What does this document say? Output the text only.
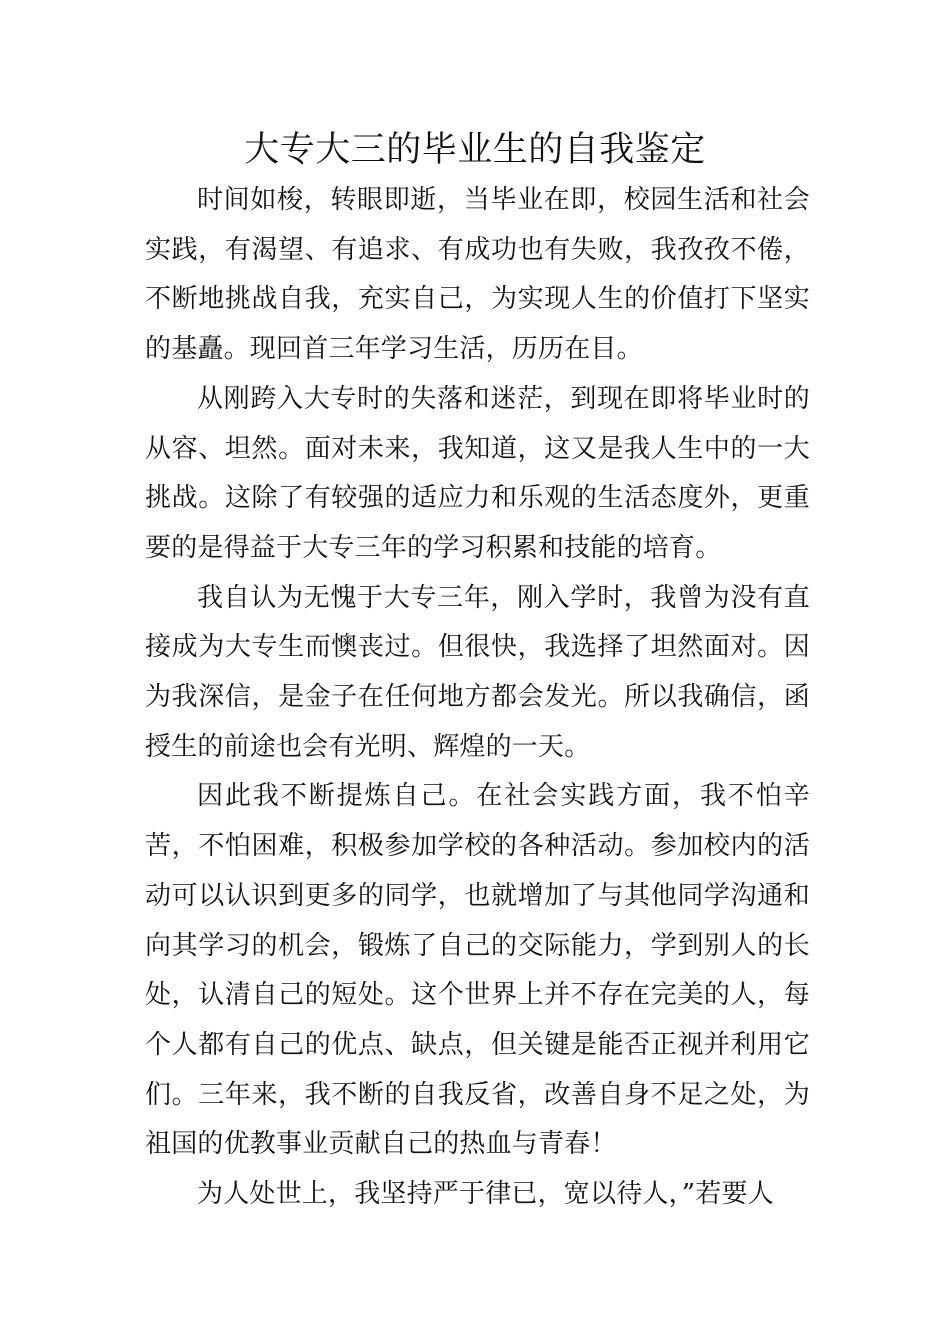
大专大三的毕业生的自我鉴定

时间如梭，转眼即逝，当毕业在即，校园生活和社会实践，有渴望、有追求、有成功也有失败，我孜孜不倦，不断地挑战自我，充实自己，为实现人生的价值打下坚实的基矗。现回首三年学习生活，历历在目。

从刚跨入大专时的失落和迷茫，到现在即将毕业时的从容、坦然。面对未来，我知道，这又是我人生中的一大挑战。这除了有较强的适应力和乐观的生活态度外，更重要的是得益于大专三年的学习积累和技能的培育。

我自认为无愧于大专三年，刚入学时，我曾为没有直接成为大专生而懊丧过。但很快，我选择了坦然面对。因为我深信，是金子在任何地方都会发光。所以我确信，函授生的前途也会有光明、辉煌的一天。

因此我不断提炼自己。在社会实践方面，我不怕辛苦，不怕困难，积极参加学校的各种活动。参加校内的活动可以认识到更多的同学，也就增加了与其他同学沟通和向其学习的机会，锻炼了自己的交际能力，学到别人的长处，认清自己的短处。这个世界上并不存在完美的人，每个人都有自己的优点、缺点，但关键是能否正视并利用它们。三年来，我不断的自我反省，改善自身不足之处，为祖国的优教事业贡献自己的热血与青春！

为人处世上，我坚持严于律已，宽以待人，”若要人
